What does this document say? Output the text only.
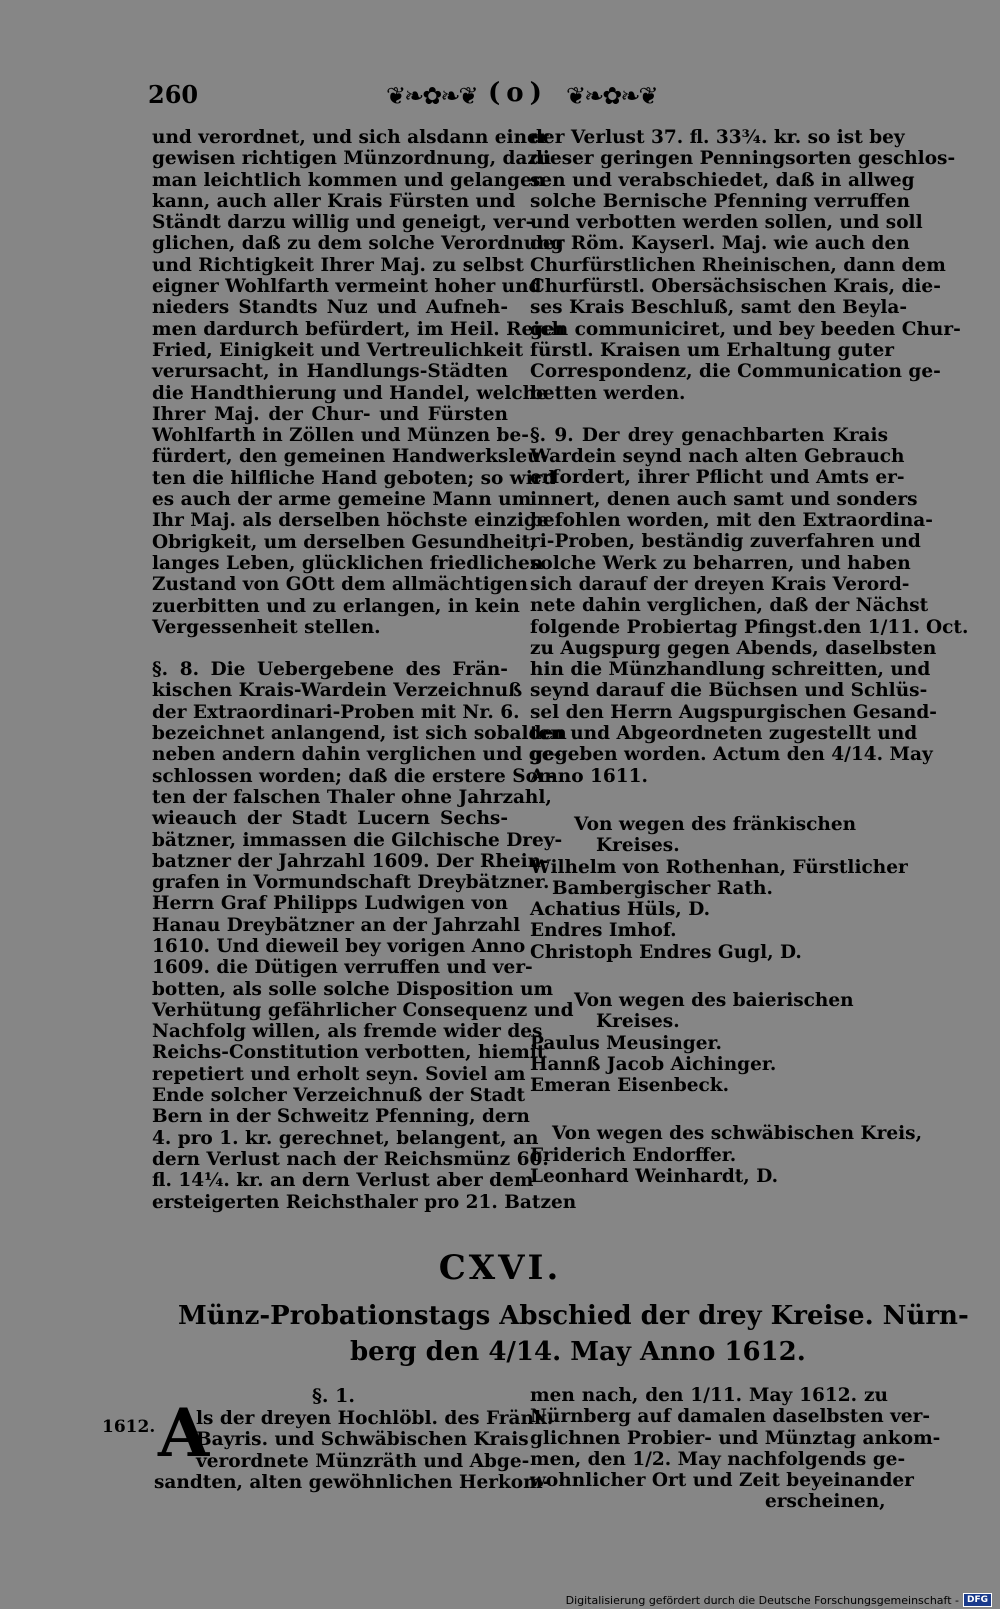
260	❦❧✿❧❦ (o) ❦❧✿❧❦
und verordnet, und sich alsdann einer
gewisen richtigen Münzordnung, dazu
man leichtlich kommen und gelangen
kann, auch aller Krais Fürsten und
Ständt darzu willig und geneigt, ver-
glichen, daß zu dem solche Verordnung
und Richtigkeit Ihrer Maj. zu selbst
eigner Wohlfarth vermeint hoher und
nieders Standts Nuz und Aufneh-
men dardurch befürdert, im Heil. Reich
Fried, Einigkeit und Vertreulichkeit
verursacht, in Handlungs-Städten
die Handthierung und Handel, welche
Ihrer Maj. der Chur- und Fürsten
Wohlfarth in Zöllen und Münzen be-
fürdert, den gemeinen Handwerksleu-
ten die hilfliche Hand geboten; so wird
es auch der arme gemeine Mann um
Ihr Maj. als derselben höchste einzige
Obrigkeit, um derselben Gesundheit,
langes Leben, glücklichen friedlichen
Zustand von GOtt dem allmächtigen
zuerbitten und zu erlangen, in kein
Vergessenheit stellen.
§. 8. Die Uebergebene des Frän-
kischen Krais-Wardein Verzeichnuß
der Extraordinari-Proben mit Nr. 6.
bezeichnet anlangend, ist sich sobalden
neben andern dahin verglichen und ge-
schlossen worden; daß die erstere Sor-
ten der falschen Thaler ohne Jahrzahl,
wieauch der Stadt Lucern Sechs-
bätzner, immassen die Gilchische Drey-
batzner der Jahrzahl 1609. Der Rhein-
grafen in Vormundschaft Dreybätzner.
Herrn Graf Philipps Ludwigen von
Hanau Dreybätzner an der Jahrzahl
1610. Und dieweil bey vorigen Anno
1609. die Dütigen verruffen und ver-
botten, als solle solche Disposition um
Verhütung gefährlicher Consequenz und
Nachfolg willen, als fremde wider des
Reichs-Constitution verbotten, hiemit
repetiert und erholt seyn. Soviel am
Ende solcher Verzeichnuß der Stadt
Bern in der Schweitz Pfenning, dern
4. pro 1. kr. gerechnet, belangent, an
dern Verlust nach der Reichsmünz 60.
fl. 14¼. kr. an dern Verlust aber dem
ersteigerten Reichsthaler pro 21. Batzen
der Verlust 37. fl. 33¾. kr. so ist bey
dieser geringen Penningsorten geschlos-
sen und verabschiedet, daß in allweg
solche Bernische Pfenning verruffen
und verbotten werden sollen, und soll
der Röm. Kayserl. Maj. wie auch den
Churfürstlichen Rheinischen, dann dem
Churfürstl. Obersächsischen Krais, die-
ses Krais Beschluß, samt den Beyla-
gen communiciret, und bey beeden Chur-
fürstl. Kraisen um Erhaltung guter
Correspondenz, die Communication ge-
betten werden.
§. 9. Der drey genachbarten Krais
Wardein seynd nach alten Gebrauch
erfordert, ihrer Pflicht und Amts er-
innert, denen auch samt und sonders
befohlen worden, mit den Extraordina-
ri-Proben, beständig zuverfahren und
solche Werk zu beharren, und haben
sich darauf der dreyen Krais Verord-
nete dahin verglichen, daß der Nächst
folgende Probiertag Pfingst.den 1/11. Oct.
zu Augspurg gegen Abends, daselbsten
hin die Münzhandlung schreitten, und
seynd darauf die Büchsen und Schlüs-
sel den Herrn Augspurgischen Gesand-
ten und Abgeordneten zugestellt und
gegeben worden. Actum den 4/14. May
Anno 1611.
Von wegen des fränkischen
Kreises.
Wilhelm von Rothenhan, Fürstlicher
Bambergischer Rath.
Achatius Hüls, D.
Endres Imhof.
Christoph Endres Gugl, D.
Von wegen des baierischen
Kreises.
Paulus Meusinger.
Hannß Jacob Aichinger.
Emeran Eisenbeck.
Von wegen des schwäbischen Kreis,
Friderich Endorffer.
Leonhard Weinhardt, D.
CXVI.
Münz-Probationstags Abschied der drey Kreise. Nürn-
berg den 4/14. May Anno 1612.
§. 1.
1612. A
ls der dreyen Hochlöbl. des Fränk.
Bayris. und Schwäbischen Krais
verordnete Münzräth und Abge-
sandten, alten gewöhnlichen Herkom-
men nach, den 1/11. May 1612. zu
Nürnberg auf damalen daselbsten ver-
glichnen Probier- und Münztag ankom-
men, den 1/2. May nachfolgends ge-
wohnlicher Ort und Zeit beyeinander
erscheinen,
Digitalisierung gefördert durch die Deutsche Forschungsgemeinschaft - DFG
